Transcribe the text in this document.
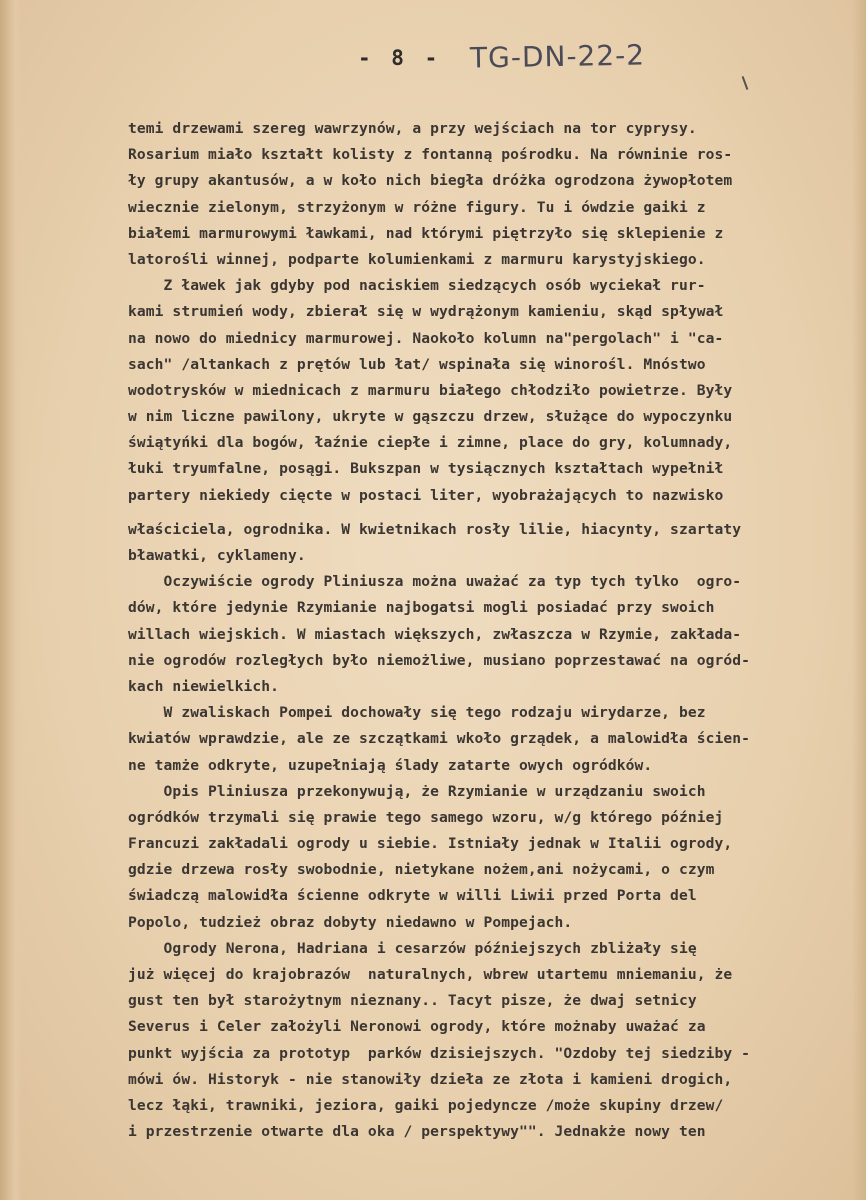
- 8 - TG-DN-22-2
temi drzewami szereg wawrzynów, a przy wejściach na tor cyprysy.
Rosarium miało kształt kolisty z fontanną pośrodku. Na równinie ros-
ły grupy akantusów, a w koło nich biegła dróżka ogrodzona żywopłotem
wiecznie zielonym, strzyżonym w różne figury. Tu i ówdzie gaiki z
białemi marmurowymi ławkami, nad którymi piętrzyło się sklepienie z
latorośli winnej, podparte kolumienkami z marmuru karystyjskiego.
Z ławek jak gdyby pod naciskiem siedzących osób wyciekał rur-
kami strumień wody, zbierał się w wydrążonym kamieniu, skąd spływał
na nowo do miednicy marmurowej. Naokoło kolumn na"pergolach" i "ca-
sach" /altankach z prętów lub łat/ wspinała się winorośl. Mnóstwo
wodotrysków w miednicach z marmuru białego chłodziło powietrze. Były
w nim liczne pawilony, ukryte w gąszczu drzew, służące do wypoczynku
świątyńki dla bogów, łaźnie ciepłe i zimne, place do gry, kolumnady,
łuki tryumfalne, posągi. Bukszpan w tysiącznych kształtach wypełnił
partery niekiedy cięcte w postaci liter, wyobrażających to nazwisko
właściciela, ogrodnika. W kwietnikach rosły lilie, hiacynty, szartaty
bławatki, cyklameny.
Oczywiście ogrody Pliniusza można uważać za typ tych tylko  ogro-
dów, które jedynie Rzymianie najbogatsi mogli posiadać przy swoich
willach wiejskich. W miastach większych, zwłaszcza w Rzymie, zakłada-
nie ogrodów rozległych było niemożliwe, musiano poprzestawać na ogród-
kach niewielkich.
W zwaliskach Pompei dochowały się tego rodzaju wirydarze, bez
kwiatów wprawdzie, ale ze szczątkami wkoło grządek, a malowidła ścien-
ne tamże odkryte, uzupełniają ślady zatarte owych ogródków.
Opis Pliniusza przekonywują, że Rzymianie w urządzaniu swoich
ogródków trzymali się prawie tego samego wzoru, w/g którego później
Francuzi zakładali ogrody u siebie. Istniały jednak w Italii ogrody,
gdzie drzewa rosły swobodnie, nietykane nożem,ani nożycami, o czym
świadczą malowidła ścienne odkryte w willi Liwii przed Porta del
Popolo, tudzież obraz dobyty niedawno w Pompejach.
Ogrody Nerona, Hadriana i cesarzów późniejszych zbliżały się
już więcej do krajobrazów  naturalnych, wbrew utartemu mniemaniu, że
gust ten był starożytnym nieznany.. Tacyt pisze, że dwaj setnicy
Severus i Celer założyli Neronowi ogrody, które możnaby uważać za
punkt wyjścia za prototyp  parków dzisiejszych. "Ozdoby tej siedziby -
mówi ów. Historyk - nie stanowiły dzieła ze złota i kamieni drogich,
lecz łąki, trawniki, jeziora, gaiki pojedyncze /może skupiny drzew/
i przestrzenie otwarte dla oka / perspektywy"". Jednakże nowy ten
